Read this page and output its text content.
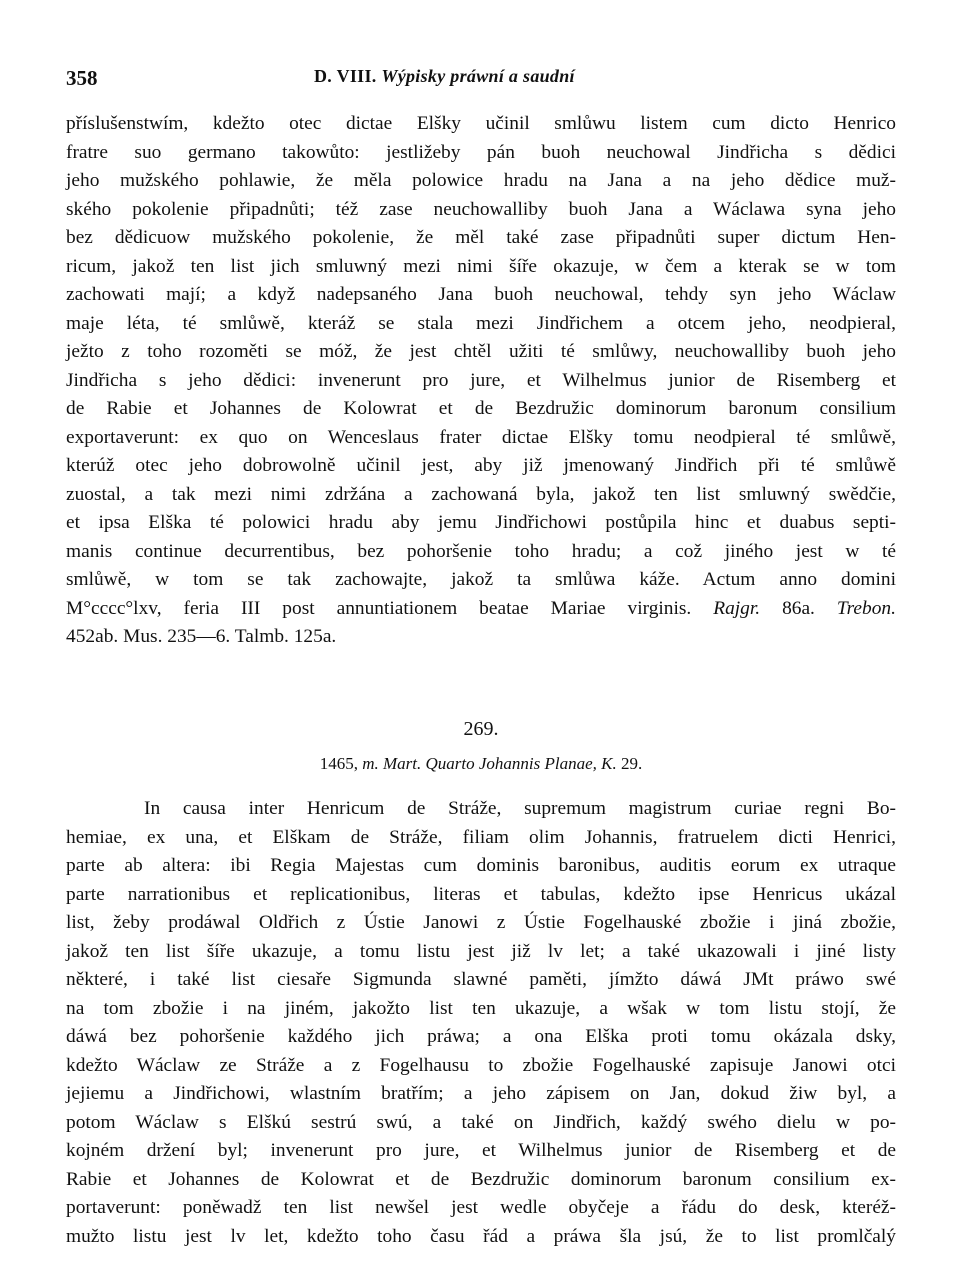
358	D. VIII. Wýpisky práwní a saudní
příslušenstwím, kdežto otec dictae Elšky učinil smlůwu listem cum dicto Henrico
fratre suo germano takowůto: jestližeby pán buoh neuchowal Jindřicha s dědici
jeho mužského pohlawie, že měla polowice hradu na Jana a na jeho dědice muž-
ského pokolenie připadnůti; též zase neuchowalliby buoh Jana a Wáclawa syna jeho
bez dědicuow mužského pokolenie, že měl také zase připadnůti super dictum Hen-
ricum, jakož ten list jich smluwný mezi nimi šíře okazuje, w čem a kterak se w tom
zachowati mají; a když nadepsaného Jana buoh neuchowal, tehdy syn jeho Wáclaw
maje léta, té smlůwě, kteráž se stala mezi Jindřichem a otcem jeho, neodpieral,
ježto z toho rozoměti se móž, že jest chtěl užiti té smlůwy, neuchowalliby buoh jeho
Jindřicha s jeho dědici: invenerunt pro jure, et Wilhelmus junior de Risemberg et
de Rabie et Johannes de Kolowrat et de Bezdružic dominorum baronum consilium
exportaverunt: ex quo on Wenceslaus frater dictae Elšky tomu neodpieral té smlůwě,
kterúž otec jeho dobrowolně učinil jest, aby již jmenowaný Jindřich při té smlůwě
zuostal, a tak mezi nimi zdržána a zachowaná byla, jakož ten list smluwný swědčie,
et ipsa Elška té polowici hradu aby jemu Jindřichowi postůpila hinc et duabus septi-
manis continue decurrentibus, bez pohoršenie toho hradu; a což jiného jest w té
smlůwě, w tom se tak zachowajte, jakož ta smlůwa káže. Actum anno domini
M°cccc°lxv, feria III post annuntiationem beatae Mariae virginis. Rajgr. 86a. Trebon.
452ab. Mus. 235—6. Talmb. 125a.
269.
1465, m. Mart. Quarto Johannis Planae, K. 29.
In causa inter Henricum de Stráže, supremum magistrum curiae regni Bo-
hemiae, ex una, et Elškam de Stráže, filiam olim Johannis, fratruelem dicti Henrici,
parte ab altera: ibi Regia Majestas cum dominis baronibus, auditis eorum ex utraque
parte narrationibus et replicationibus, literas et tabulas, kdežto ipse Henricus ukázal
list, žeby prodáwal Oldřich z Ústie Janowi z Ústie Fogelhauské zbožie i jiná zbožie,
jakož ten list šíře ukazuje, a tomu listu jest již lv let; a také ukazowali i jiné listy
některé, i také list ciesaře Sigmunda slawné paměti, jímžto dáwá JMt práwo swé
na tom zbožie i na jiném, jakožto list ten ukazuje, a wšak w tom listu stojí, že
dáwá bez pohoršenie každého jich práwa; a ona Elška proti tomu okázala dsky,
kdežto Wáclaw ze Stráže a z Fogelhausu to zbožie Fogelhauské zapisuje Janowi otci
jejiemu a Jindřichowi, wlastním bratřím; a jeho zápisem on Jan, dokud žiw byl, a
potom Wáclaw s Elškú sestrú swú, a také on Jindřich, každý swého dielu w po-
kojném držení byl; invenerunt pro jure, et Wilhelmus junior de Risemberg et de
Rabie et Johannes de Kolowrat et de Bezdružic dominorum baronum consilium ex-
portaverunt: poněwadž ten list newšel jest wedle obyčeje a řádu do desk, kteréž-
mužto listu jest lv let, kdežto toho času řád a práwa šla jsú, že to list promlčalý
